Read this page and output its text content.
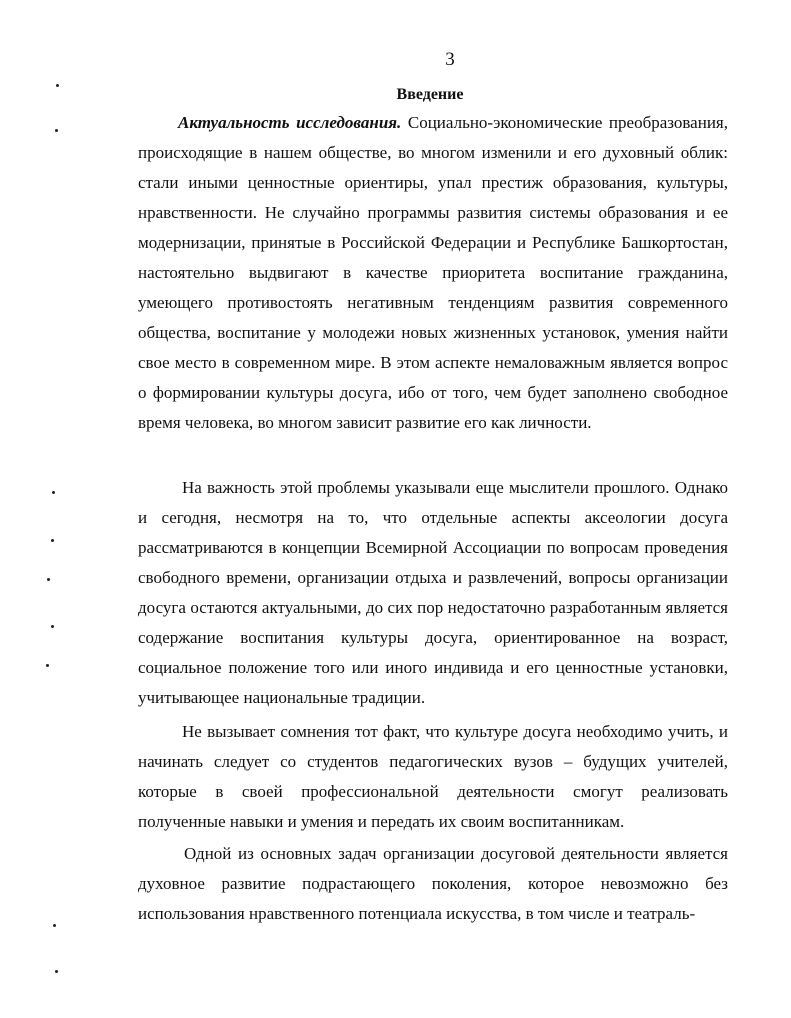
3
Введение

Актуальность исследования. Социально-экономические преобразования, происходящие в нашем обществе, во многом изменили и его духовный облик: стали иными ценностные ориентиры, упал престиж образования, культуры, нравственности. Не случайно программы развития системы образования и ее модернизации, принятые в Российской Федерации и Республике Башкортостан, настоятельно выдвигают в качестве приоритета воспитание гражданина, умеющего противостоять негативным тенденциям развития современного общества, воспитание у молодежи новых жизненных установок, умения найти свое место в современном мире. В этом аспекте немаловажным является вопрос о формировании культуры досуга, ибо от того, чем будет заполнено свободное время человека, во многом зависит развитие его как личности.

На важность этой проблемы указывали еще мыслители прошлого. Однако и сегодня, несмотря на то, что отдельные аспекты аксеологии досуга рассматриваются в концепции Всемирной Ассоциации по вопросам проведения свободного времени, организации отдыха и развлечений, вопросы организации досуга остаются актуальными, до сих пор недостаточно разработанным является содержание воспитания культуры досуга, ориентированное на возраст, социальное положение того или иного индивида и его ценностные установки, учитывающее национальные традиции.

Не вызывает сомнения тот факт, что культуре досуга необходимо учить, и начинать следует со студентов педагогических вузов – будущих учителей, которые в своей профессиональной деятельности смогут реализовать полученные навыки и умения и передать их своим воспитанникам.

Одной из основных задач организации досуговой деятельности является духовное развитие подрастающего поколения, которое невозможно без использования нравственного потенциала искусства, в том числе и театраль-
